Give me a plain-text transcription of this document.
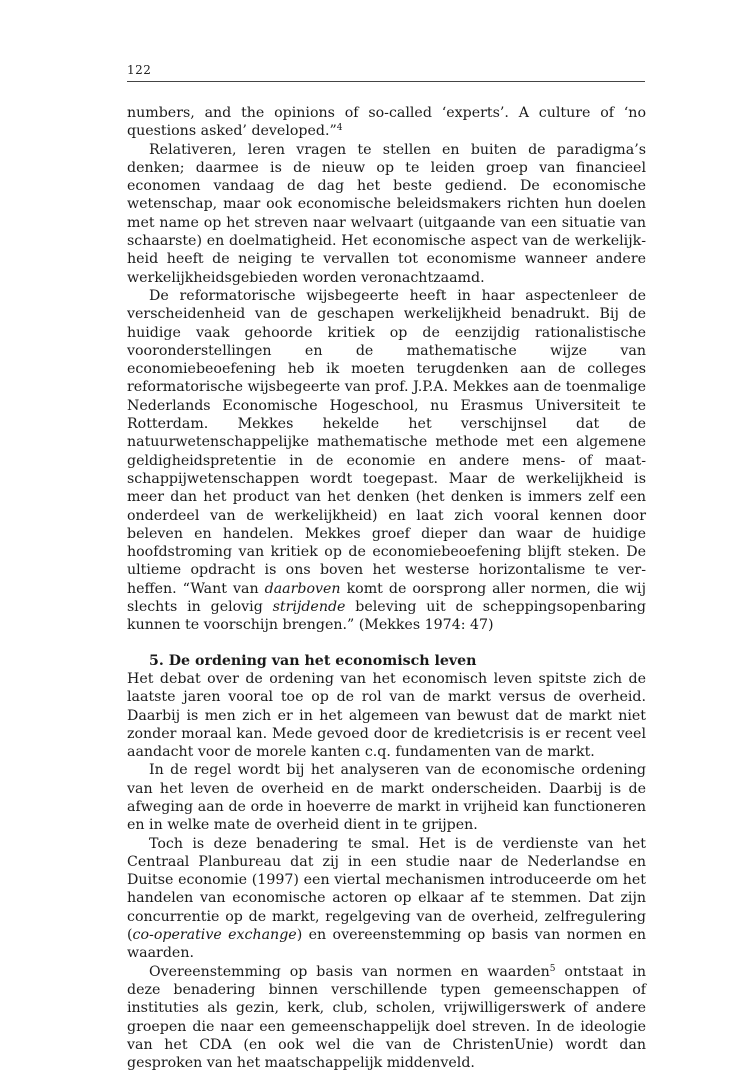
122

numbers, and the opinions of so-called ‘experts’. A culture of ‘no questions asked’ developed.”$^4$

Relativeren, leren vragen te stellen en buiten de paradigma’s denken; daarmee is de nieuw op te leiden groep van financieel economen vandaag de dag het beste gediend. De economische wetenschap, maar ook economische beleidsmakers richten hun doelen met name op het streven naar welvaart (uitgaande van een situatie van schaarste) en doelmatigheid. Het economische aspect van de werkelijkheid heeft de neiging te vervallen tot economisme wanneer andere werkelijkheidsgebieden worden veronachtzaamd.

De reformatorische wijsbegeerte heeft in haar aspectenleer de verscheidenheid van de geschapen werkelijkheid benadrukt. Bij de huidige vaak gehoorde kritiek op de eenzijdig rationalistische vooronderstellingen en de mathematische wijze van economiebeoefening heb ik moeten terugdenken aan de colleges reformatorische wijsbegeerte van prof. J.P.A. Mekkes aan de toenmalige Nederlands Economische Hogeschool, nu Erasmus Universiteit te Rotterdam. Mekkes hekelde het verschijnsel dat de natuurwetenschappelijke mathematische methode met een algemene geldigheidspretentie in de economie en andere mens- of maatschappijwetenschappen wordt toegepast. Maar de werkelijkheid is meer dan het product van het denken (het denken is immers zelf een onderdeel van de werkelijkheid) en laat zich vooral kennen door beleven en handelen. Mekkes groef dieper dan waar de huidige hoofdstroming van kritiek op de economiebeoefening blijft steken. De ultieme opdracht is ons boven het westerse horizontalisme te verheffen. “Want van daarboven komt de oorsprong aller normen, die wij slechts in gelovig strijdende beleving uit de scheppingsopenbaring kunnen te voorschijn brengen.” (Mekkes 1974: 47)

5. De ordening van het economisch leven

Het debat over de ordening van het economisch leven spitste zich de laatste jaren vooral toe op de rol van de markt versus de overheid. Daarbij is men zich er in het algemeen van bewust dat de markt niet zonder moraal kan. Mede gevoed door de kredietcrisis is er recent veel aandacht voor de morele kanten c.q. fundamenten van de markt.

In de regel wordt bij het analyseren van de economische ordening van het leven de overheid en de markt onderscheiden. Daarbij is de afweging aan de orde in hoeverre de markt in vrijheid kan functioneren en in welke mate de overheid dient in te grijpen.

Toch is deze benadering te smal. Het is de verdienste van het Centraal Planbureau dat zij in een studie naar de Nederlandse en Duitse economie (1997) een viertal mechanismen introduceerde om het handelen van economische actoren op elkaar af te stemmen. Dat zijn concurrentie op de markt, regelgeving van de overheid, zelfregulering (co-operative exchange) en overeenstemming op basis van normen en waarden.

Overeenstemming op basis van normen en waarden$^5$ ontstaat in deze benadering binnen verschillende typen gemeenschappen of instituties als gezin, kerk, club, scholen, vrijwilligerswerk of andere groepen die naar een gemeenschappelijk doel streven. In de ideologie van het CDA (en ook wel die van de ChristenUnie) wordt dan gesproken van het maatschappelijk middenveld.
